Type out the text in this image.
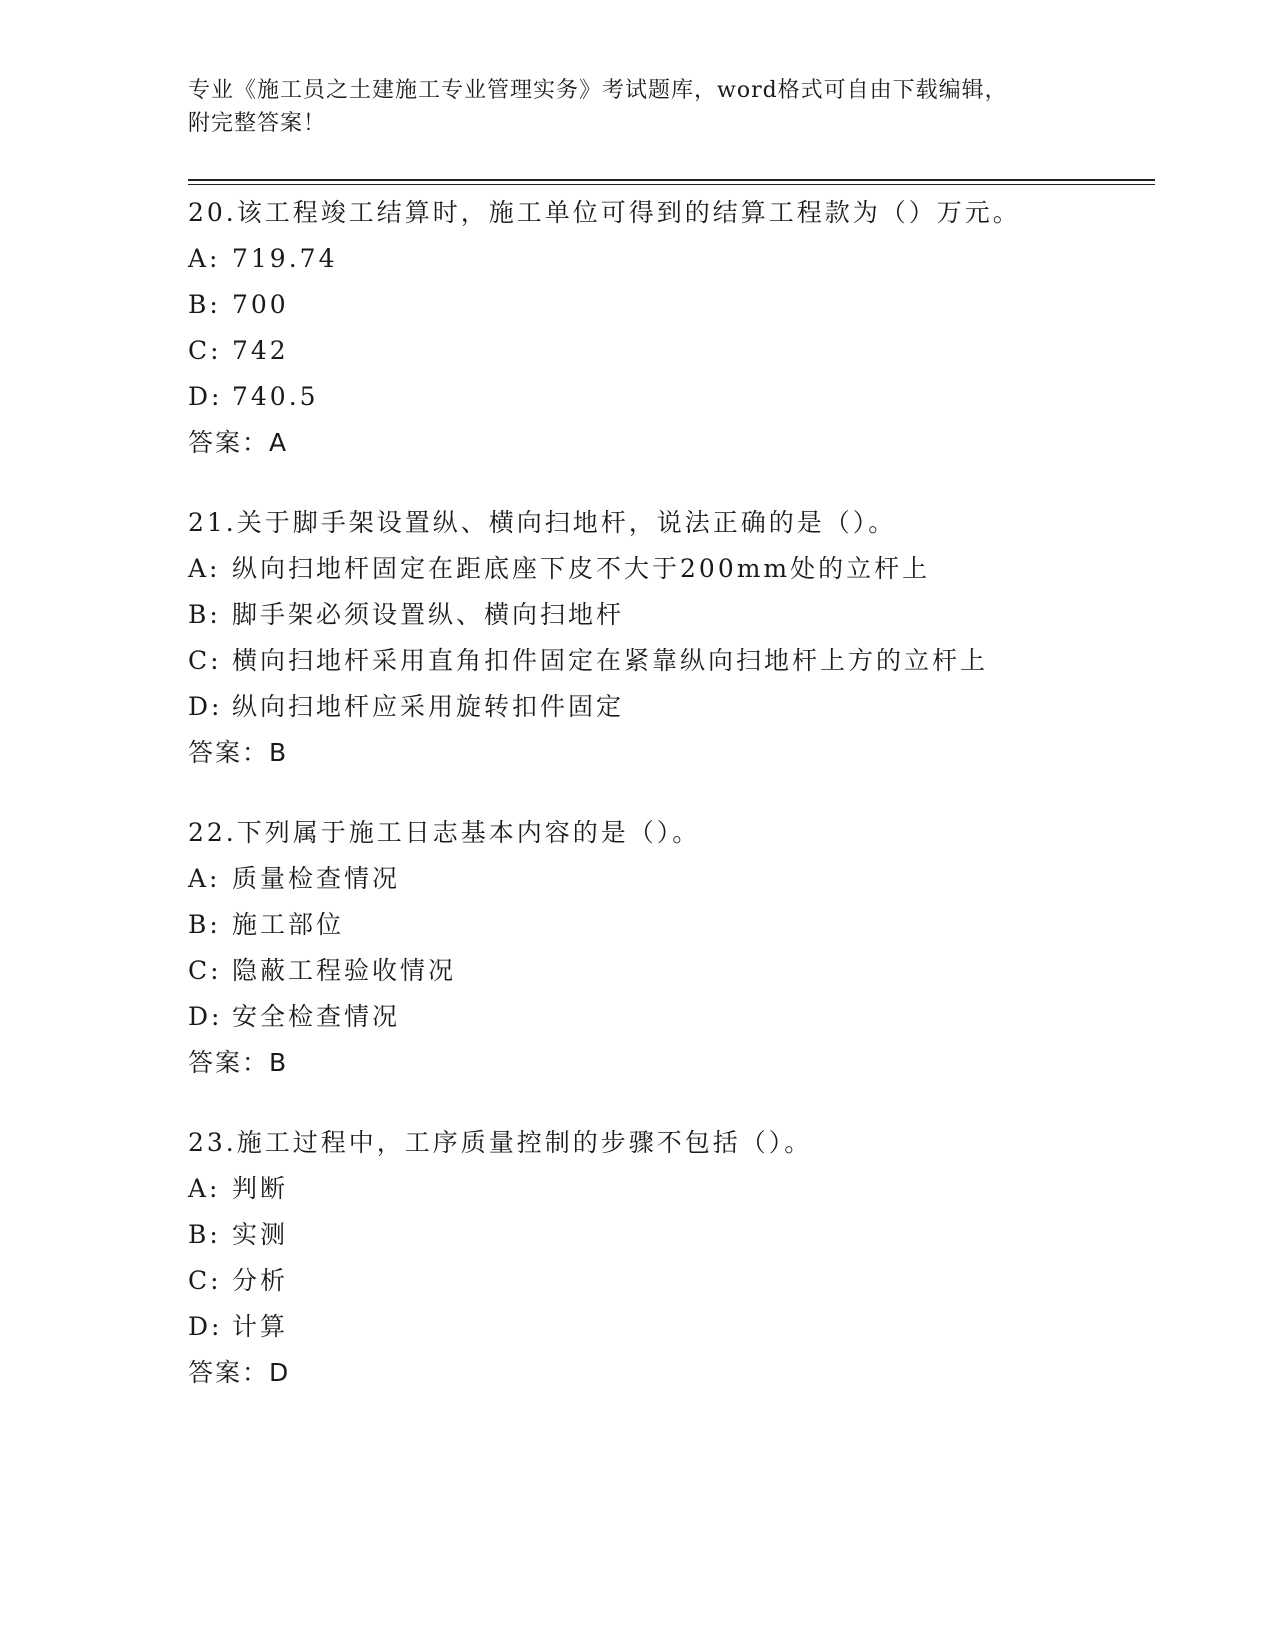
专业《施工员之土建施工专业管理实务》考试题库，word格式可自由下载编辑，
附完整答案！
20.该工程竣工结算时，施工单位可得到的结算工程款为（）万元。
A: 719.74
B: 700
C: 742
D: 740.5
答案：A
21.关于脚手架设置纵、横向扫地杆，说法正确的是（）。
A: 纵向扫地杆固定在距底座下皮不大于200mm处的立杆上
B: 脚手架必须设置纵、横向扫地杆
C: 横向扫地杆采用直角扣件固定在紧靠纵向扫地杆上方的立杆上
D: 纵向扫地杆应采用旋转扣件固定
答案：B
22.下列属于施工日志基本内容的是（）。
A: 质量检查情况
B: 施工部位
C: 隐蔽工程验收情况
D: 安全检查情况
答案：B
23.施工过程中，工序质量控制的步骤不包括（）。
A: 判断
B: 实测
C: 分析
D: 计算
答案：D
